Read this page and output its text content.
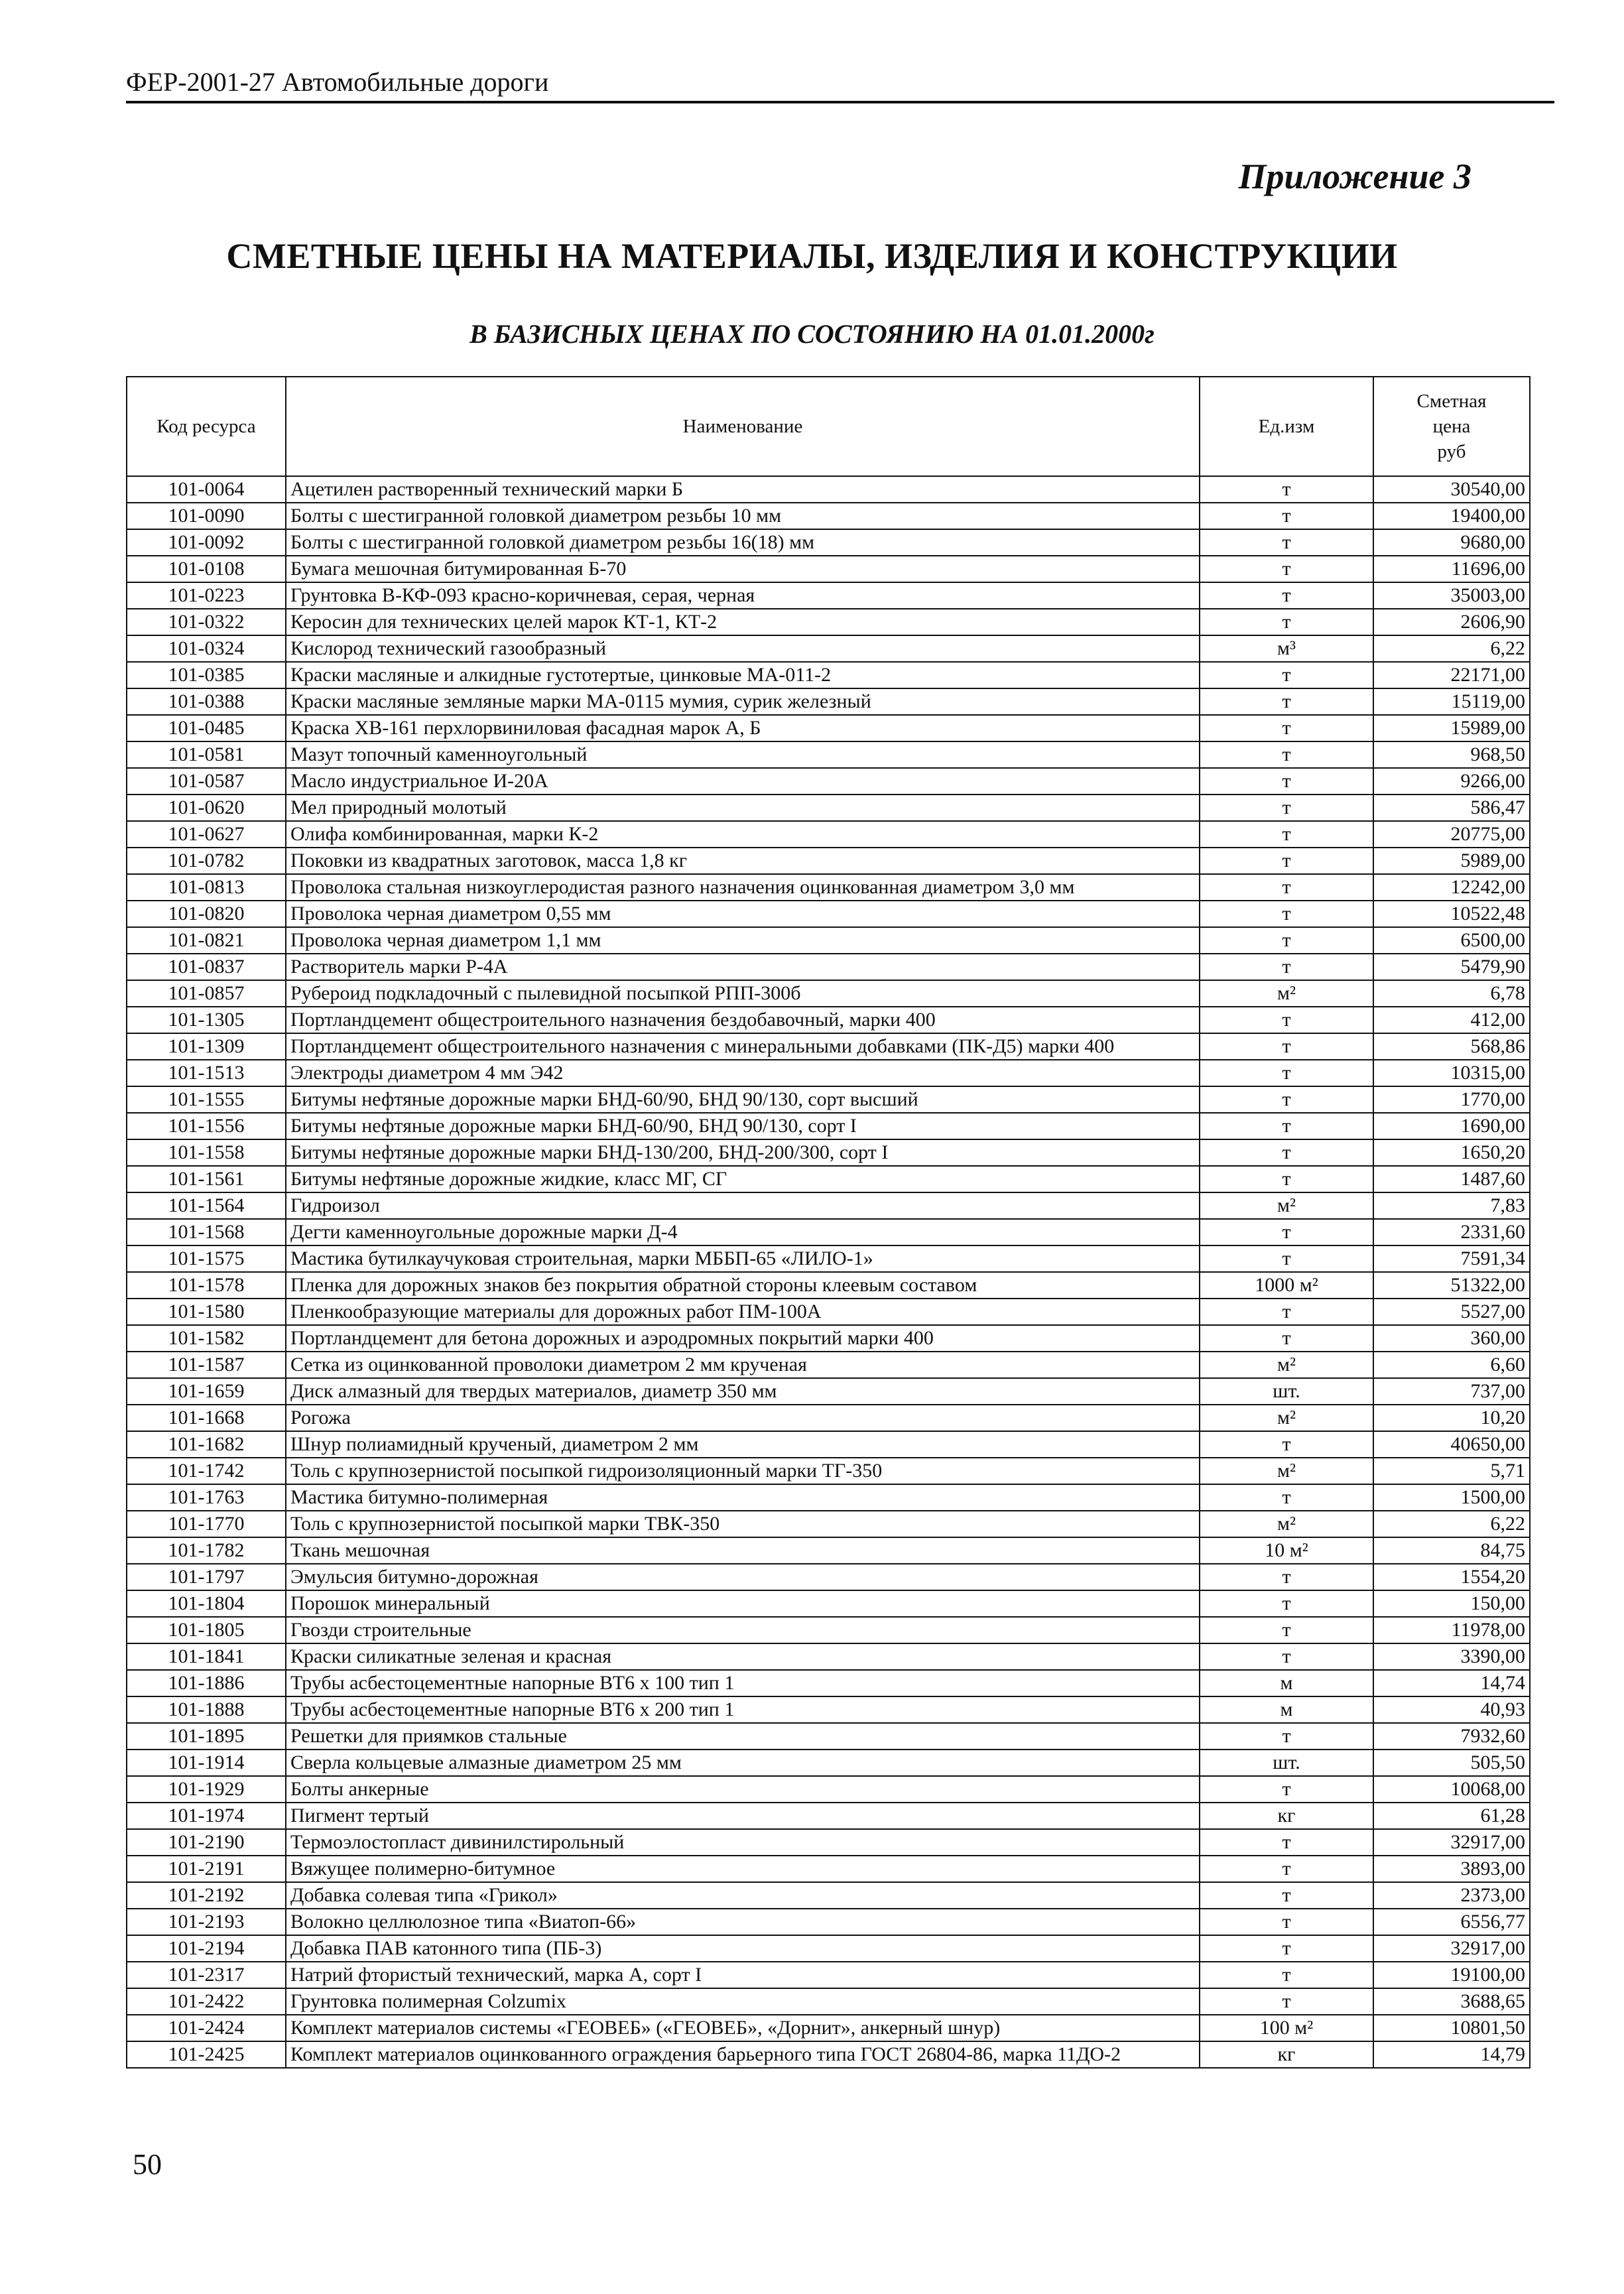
ФЕР-2001-27 Автомобильные дороги
Приложение 3
СМЕТНЫЕ ЦЕНЫ НА МАТЕРИАЛЫ, ИЗДЕЛИЯ И КОНСТРУКЦИИ
В БАЗИСНЫХ ЦЕНАХ ПО СОСТОЯНИЮ НА 01.01.2000г
Код ресурса	Наименование	Ед.изм	Сметная
цена
руб
101-0064	Ацетилен растворенный технический марки Б	т	30540,00
101-0090	Болты с шестигранной головкой диаметром резьбы 10 мм	т	19400,00
101-0092	Болты с шестигранной головкой диаметром резьбы 16(18) мм	т	9680,00
101-0108	Бумага мешочная битумированная Б-70	т	11696,00
101-0223	Грунтовка В-КФ-093 красно-коричневая, серая, черная	т	35003,00
101-0322	Керосин для технических целей марок КТ-1, КТ-2	т	2606,90
101-0324	Кислород технический газообразный	м³	6,22
101-0385	Краски масляные и алкидные густотертые, цинковые МА-011-2	т	22171,00
101-0388	Краски масляные земляные марки МА-0115 мумия, сурик железный	т	15119,00
101-0485	Краска ХВ-161 перхлорвиниловая фасадная марок А, Б	т	15989,00
101-0581	Мазут топочный каменноугольный	т	968,50
101-0587	Масло индустриальное И-20А	т	9266,00
101-0620	Мел природный молотый	т	586,47
101-0627	Олифа комбинированная, марки К-2	т	20775,00
101-0782	Поковки из квадратных заготовок, масса 1,8 кг	т	5989,00
101-0813	Проволока стальная низкоуглеродистая разного назначения оцинкованная диаметром 3,0 мм	т	12242,00
101-0820	Проволока черная диаметром 0,55 мм	т	10522,48
101-0821	Проволока черная диаметром 1,1 мм	т	6500,00
101-0837	Растворитель марки Р-4А	т	5479,90
101-0857	Рубероид подкладочный с пылевидной посыпкой РПП-300б	м²	6,78
101-1305	Портландцемент общестроительного назначения бездобавочный, марки 400	т	412,00
101-1309	Портландцемент общестроительного назначения с минеральными добавками (ПК-Д5) марки 400	т	568,86
101-1513	Электроды диаметром 4 мм Э42	т	10315,00
101-1555	Битумы нефтяные дорожные марки БНД-60/90, БНД 90/130, сорт высший	т	1770,00
101-1556	Битумы нефтяные дорожные марки БНД-60/90, БНД 90/130, сорт I	т	1690,00
101-1558	Битумы нефтяные дорожные марки БНД-130/200, БНД-200/300, сорт I	т	1650,20
101-1561	Битумы нефтяные дорожные жидкие, класс МГ, СГ	т	1487,60
101-1564	Гидроизол	м²	7,83
101-1568	Дегти каменноугольные дорожные марки Д-4	т	2331,60
101-1575	Мастика бутилкаучуковая строительная, марки МББП-65 «ЛИЛО-1»	т	7591,34
101-1578	Пленка для дорожных знаков без покрытия обратной стороны клеевым составом	1000 м²	51322,00
101-1580	Пленкообразующие материалы для дорожных работ ПМ-100А	т	5527,00
101-1582	Портландцемент для бетона дорожных и аэродромных покрытий марки 400	т	360,00
101-1587	Сетка из оцинкованной проволоки диаметром 2 мм крученая	м²	6,60
101-1659	Диск алмазный для твердых материалов, диаметр 350 мм	шт.	737,00
101-1668	Рогожа	м²	10,20
101-1682	Шнур полиамидный крученый, диаметром 2 мм	т	40650,00
101-1742	Толь с крупнозернистой посыпкой гидроизоляционный марки ТГ-350	м²	5,71
101-1763	Мастика битумно-полимерная	т	1500,00
101-1770	Толь с крупнозернистой посыпкой марки ТВК-350	м²	6,22
101-1782	Ткань мешочная	10 м²	84,75
101-1797	Эмульсия битумно-дорожная	т	1554,20
101-1804	Порошок минеральный	т	150,00
101-1805	Гвозди строительные	т	11978,00
101-1841	Краски силикатные зеленая и красная	т	3390,00
101-1886	Трубы асбестоцементные напорные ВТ6 х 100 тип 1	м	14,74
101-1888	Трубы асбестоцементные напорные ВТ6 х 200 тип 1	м	40,93
101-1895	Решетки для приямков стальные	т	7932,60
101-1914	Сверла кольцевые алмазные диаметром 25 мм	шт.	505,50
101-1929	Болты анкерные	т	10068,00
101-1974	Пигмент тертый	кг	61,28
101-2190	Термоэлостопласт дивинилстирольный	т	32917,00
101-2191	Вяжущее полимерно-битумное	т	3893,00
101-2192	Добавка солевая типа «Грикол»	т	2373,00
101-2193	Волокно целлюлозное типа «Виатоп-66»	т	6556,77
101-2194	Добавка ПАВ катонного типа (ПБ-3)	т	32917,00
101-2317	Натрий фтористый технический, марка А, сорт I	т	19100,00
101-2422	Грунтовка полимерная Colzumix	т	3688,65
101-2424	Комплект материалов системы «ГЕОВЕБ» («ГЕОВЕБ», «Дорнит», анкерный шнур)	100 м²	10801,50
101-2425	Комплект материалов оцинкованного ограждения барьерного типа ГОСТ 26804-86, марка 11ДО-2	кг	14,79
50
